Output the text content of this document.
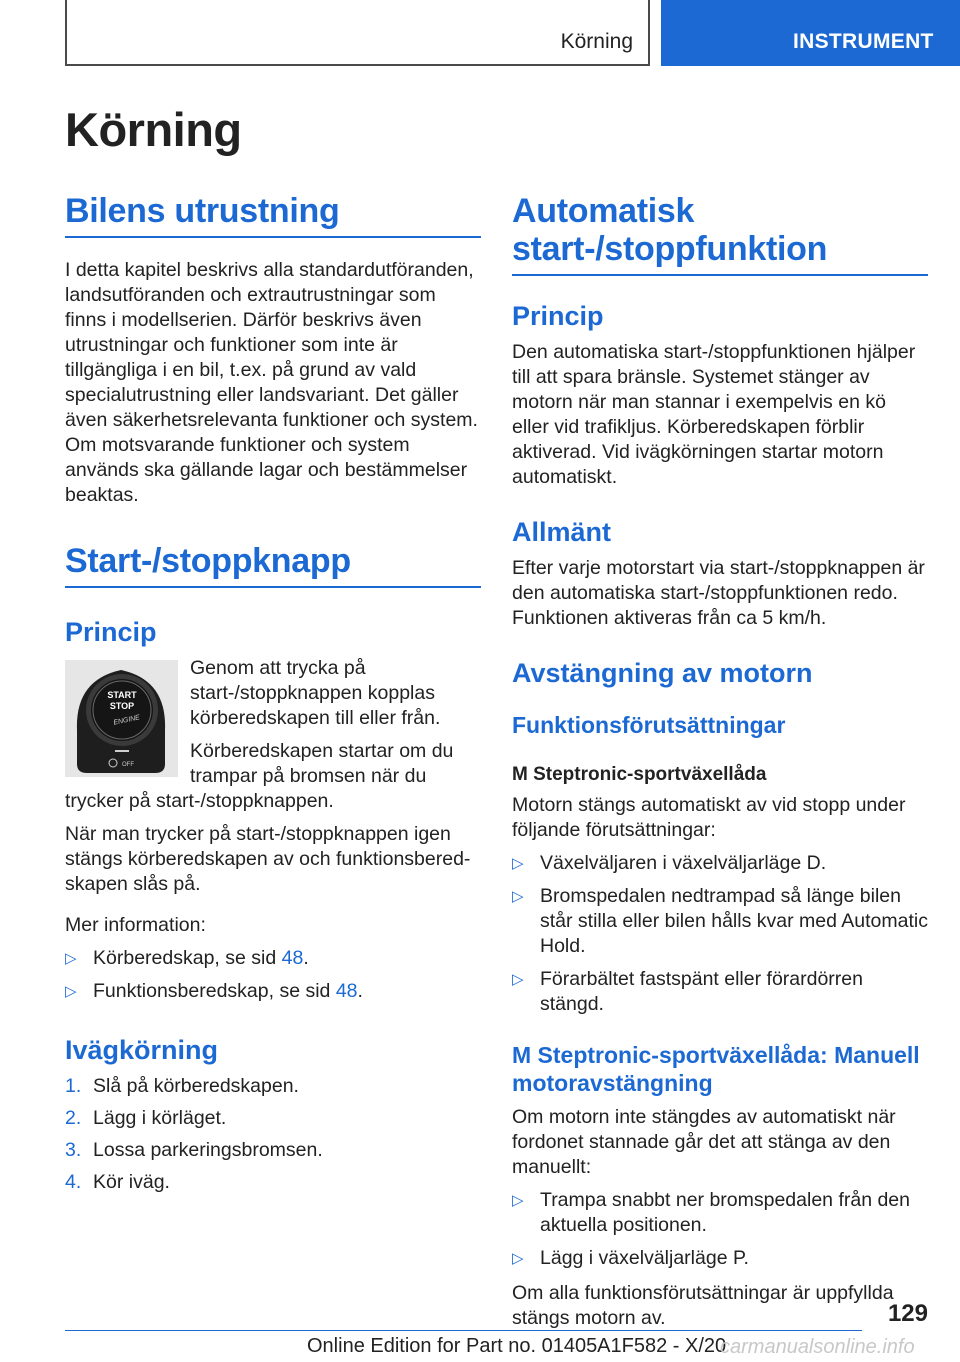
Körning	INSTRUMENT
Körning
Bilens utrustning

I detta kapitel beskrivs alla standardutföranden, landsutföranden och extrautrustningar som finns i modellserien. Därför beskrivs även utrustningar och funktioner som inte är tillgängliga i en bil, t.ex. på grund av vald specialutrustning eller landsvariant. Det gäller även säkerhetsrelevanta funktioner och system. Om motsvarande funktioner och system används ska gällande lagar och bestämmelser beaktas.

Start-/stoppknapp
Princip
START
STOP
ENGINE
OFF

Genom att trycka på start-/stoppknappen kopplas körberedskapen till eller från.

Körberedskapen startar om du trampar på bromsen när du trycker på start-/stoppknappen.

När man trycker på start-/stoppknappen igen stängs körberedskapen av och funktionsberedskapen slås på.

Mer information:

▷ Körberedskap, se sid 48.
▷ Funktionsberedskap, se sid 48.
Ivägkörning
1. Slå på körberedskapen.
2. Lägg i körläget.
3. Lossa parkeringsbromsen.
4. Kör iväg.
Automatisk start-/stoppfunktion
Princip

Den automatiska start-/stoppfunktionen hjälper till att spara bränsle. Systemet stänger av motorn när man stannar i exempelvis en kö eller vid trafikljus. Körberedskapen förblir aktiverad. Vid ivägkörningen startar motorn automatiskt.

Allmänt

Efter varje motorstart via start-/stoppknappen är den automatiska start-/stoppfunktionen redo. Funktionen aktiveras från ca 5 km/h.

Avstängning av motorn
Funktionsförutsättningar
M Steptronic-sportväxellåda

Motorn stängs automatiskt av vid stopp under följande förutsättningar:

▷ Växelväljaren i växelväljarläge D.
▷ Bromspedalen nedtrampad så länge bilen står stilla eller bilen hålls kvar med Automatic Hold.
▷ Förarbältet fastspänt eller förardörren stängd.
M Steptronic-sportväxellåda: Manuell motoravstängning

Om motorn inte stängdes av automatiskt när fordonet stannade går det att stänga av den manuellt:

▷ Trampa snabbt ner bromspedalen från den aktuella positionen.
▷ Lägg i växelväljarläge P.

Om alla funktionsförutsättningar är uppfyllda stängs motorn av.	129
Online Edition for Part no. 01405A1F582 - X/20
carmanualsonline.info
